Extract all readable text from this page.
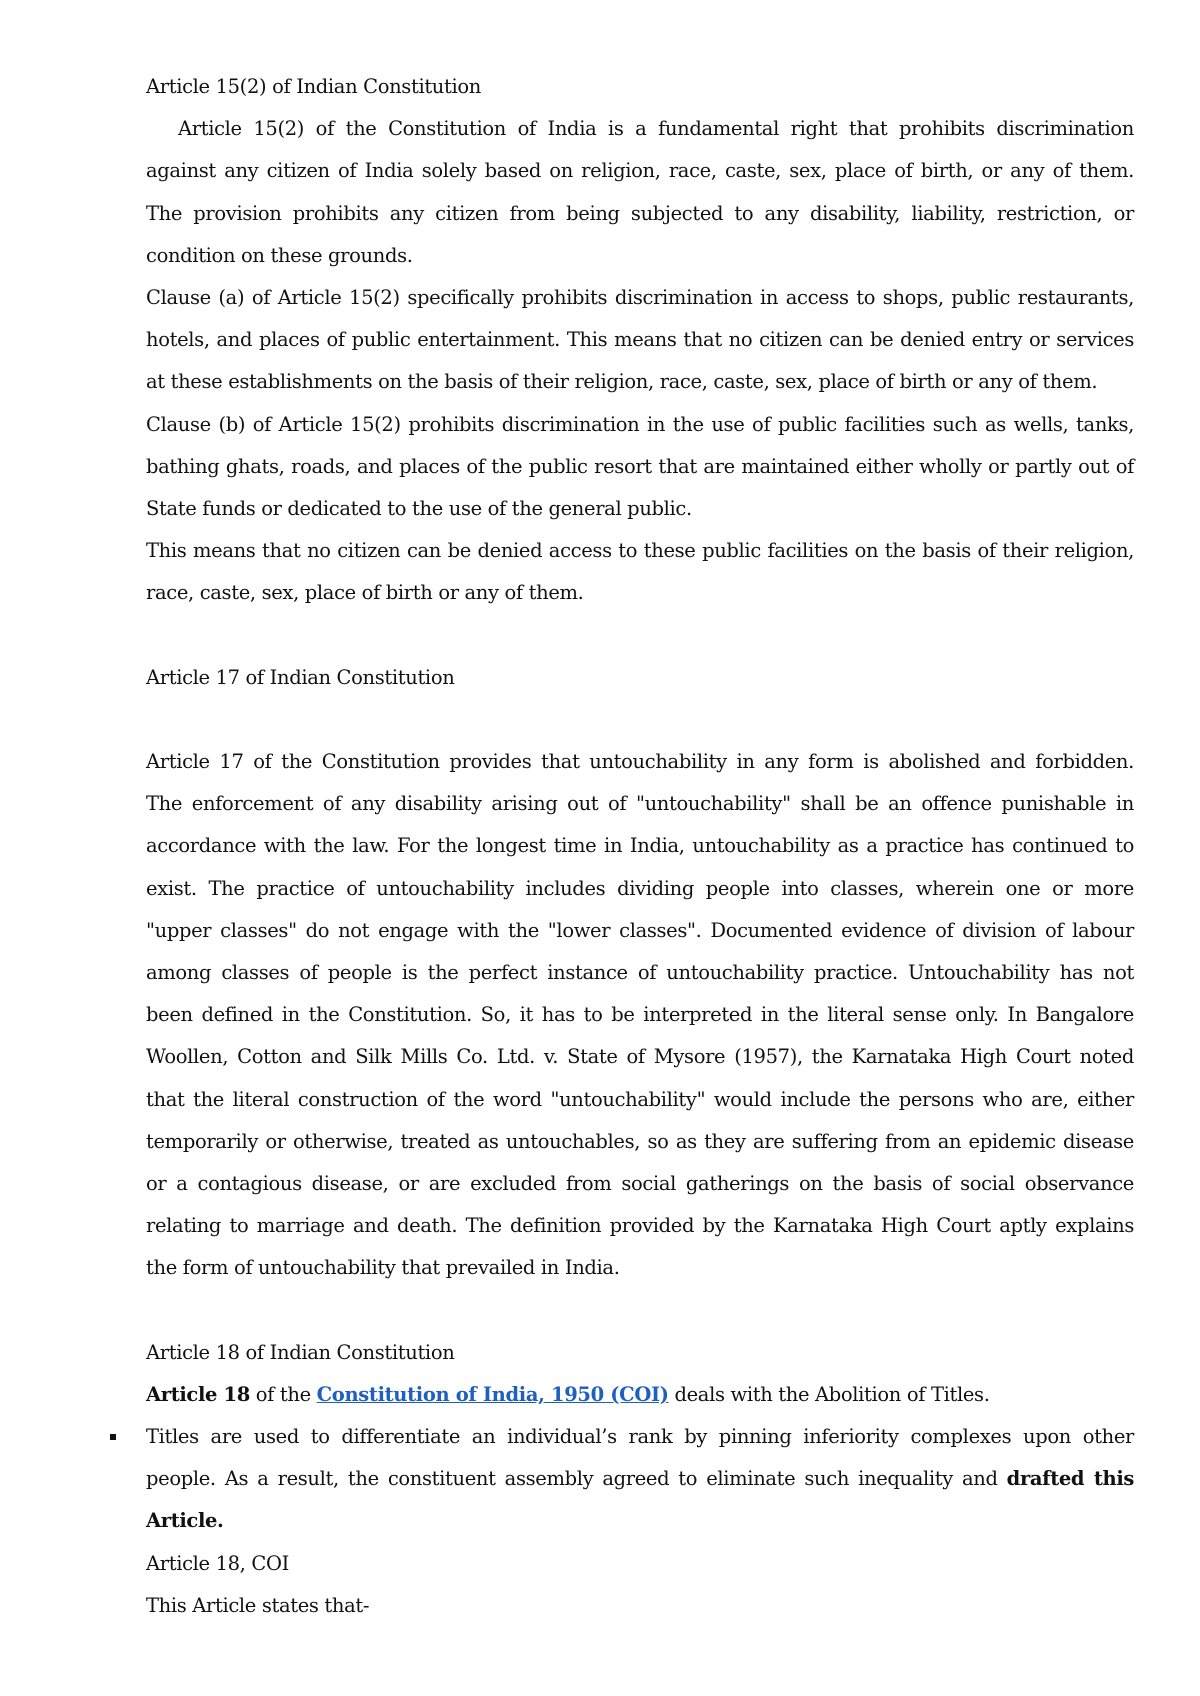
Article 15(2) of Indian Constitution
Article 15(2) of the Constitution of India is a fundamental right that prohibits discrimination
against any citizen of India solely based on religion, race, caste, sex, place of birth, or any of them.
The provision prohibits any citizen from being subjected to any disability, liability, restriction, or
condition on these grounds.
Clause (a) of Article 15(2) specifically prohibits discrimination in access to shops, public restaurants,
hotels, and places of public entertainment. This means that no citizen can be denied entry or services
at these establishments on the basis of their religion, race, caste, sex, place of birth or any of them.
Clause (b) of Article 15(2) prohibits discrimination in the use of public facilities such as wells, tanks,
bathing ghats, roads, and places of the public resort that are maintained either wholly or partly out of
State funds or dedicated to the use of the general public.
This means that no citizen can be denied access to these public facilities on the basis of their religion,
race, caste, sex, place of birth or any of them.
Article 17 of Indian Constitution
Article 17 of the Constitution provides that untouchability in any form is abolished and forbidden.
The enforcement of any disability arising out of "untouchability" shall be an offence punishable in
accordance with the law. For the longest time in India, untouchability as a practice has continued to
exist. The practice of untouchability includes dividing people into classes, wherein one or more
"upper classes" do not engage with the "lower classes". Documented evidence of division of labour
among classes of people is the perfect instance of untouchability practice. Untouchability has not
been defined in the Constitution. So, it has to be interpreted in the literal sense only. In Bangalore
Woollen, Cotton and Silk Mills Co. Ltd. v. State of Mysore (1957), the Karnataka High Court noted
that the literal construction of the word "untouchability" would include the persons who are, either
temporarily or otherwise, treated as untouchables, so as they are suffering from an epidemic disease
or a contagious disease, or are excluded from social gatherings on the basis of social observance
relating to marriage and death. The definition provided by the Karnataka High Court aptly explains
the form of untouchability that prevailed in India.
Article 18 of Indian Constitution
Article 18 of the Constitution of India, 1950 (COI) deals with the Abolition of Titles.
Titles are used to differentiate an individual’s rank by pinning inferiority complexes upon other
people. As a result, the constituent assembly agreed to eliminate such inequality and drafted this
Article.
Article 18, COI
This Article states that-
